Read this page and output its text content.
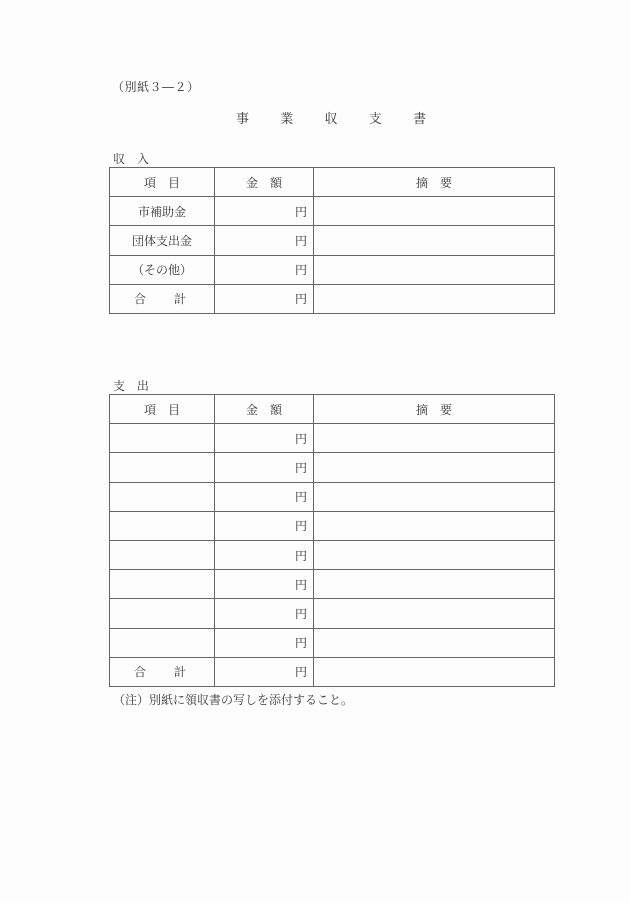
（別紙３―２）
事 業 収 支 書
収 入
項　目	金　額	摘　要
市補助金	円	
団体支出金	円	
（その他）	円	

合 計	円	
支 出
項　目	金　額	摘　要
	円	
	円	
	円	
	円	
	円	
	円	
	円	
	円	

合 計	円	
（注）別紙に領収書の写しを添付すること。
